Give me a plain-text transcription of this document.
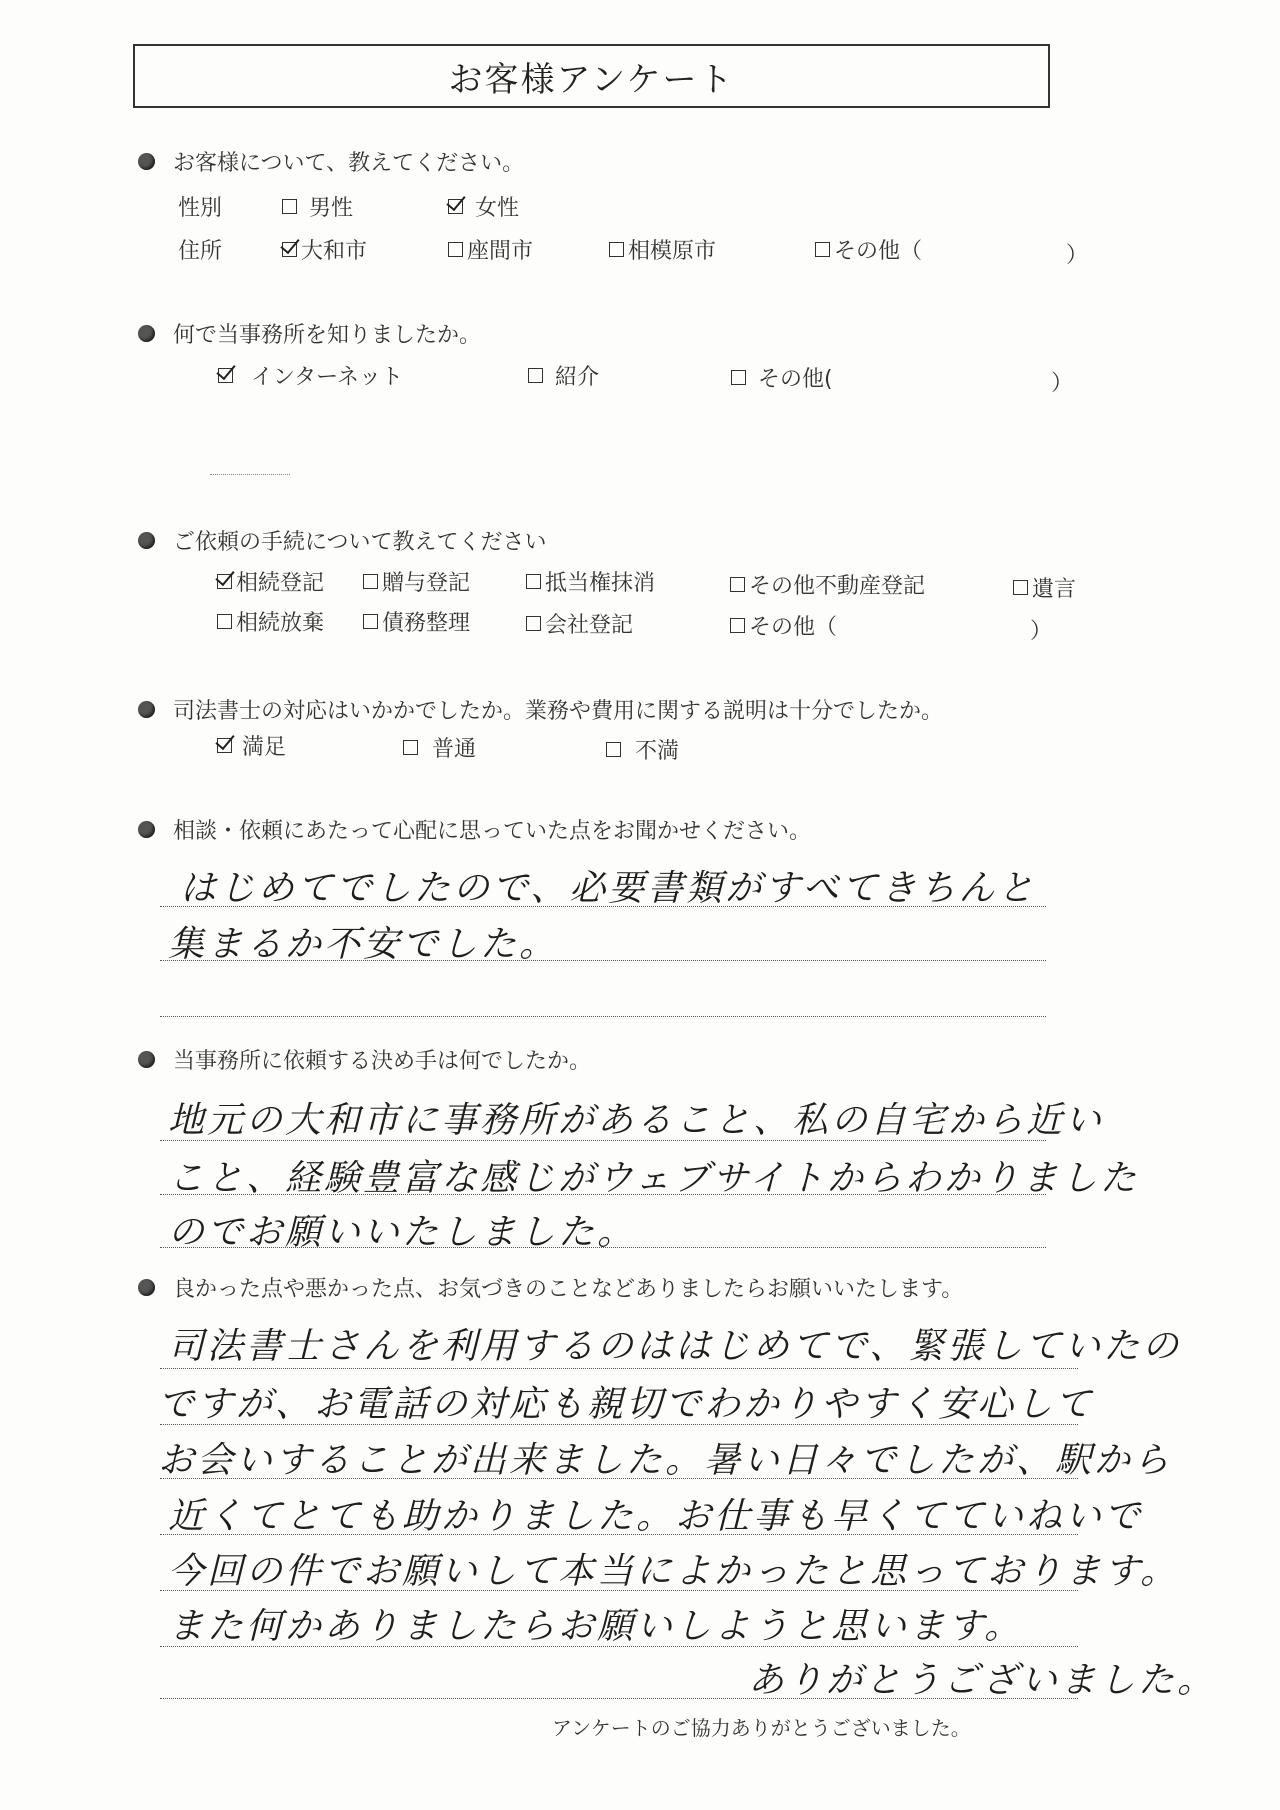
お客様アンケート
お客様について、教えてください。
性別	男性	女性
住所	大和市	座間市	相模原市	その他（	）
何で当事務所を知りましたか。
インターネット	紹介	その他(	）
ご依頼の手続について教えてください
相続登記	贈与登記	抵当権抹消	その他不動産登記	遺言
相続放棄	債務整理	会社登記	その他（	）
司法書士の対応はいかかでしたか。業務や費用に関する説明は十分でしたか。
満足	普通	不満
相談・依頼にあたって心配に思っていた点をお聞かせください。
はじめてでしたので、必要書類がすべてきちんと
集まるか不安でした。
当事務所に依頼する決め手は何でしたか。
地元の大和市に事務所があること、私の自宅から近い
こと、経験豊富な感じがウェブサイトからわかりました
のでお願いいたしました。
良かった点や悪かった点、お気づきのことなどありましたらお願いいたします。
司法書士さんを利用するのははじめてで、緊張していたの
ですが、お電話の対応も親切でわかりやすく安心して
お会いすることが出来ました。暑い日々でしたが、駅から
近くてとても助かりました。お仕事も早くてていねいで
今回の件でお願いして本当によかったと思っております。
また何かありましたらお願いしようと思います。
ありがとうございました。
アンケートのご協力ありがとうございました。
